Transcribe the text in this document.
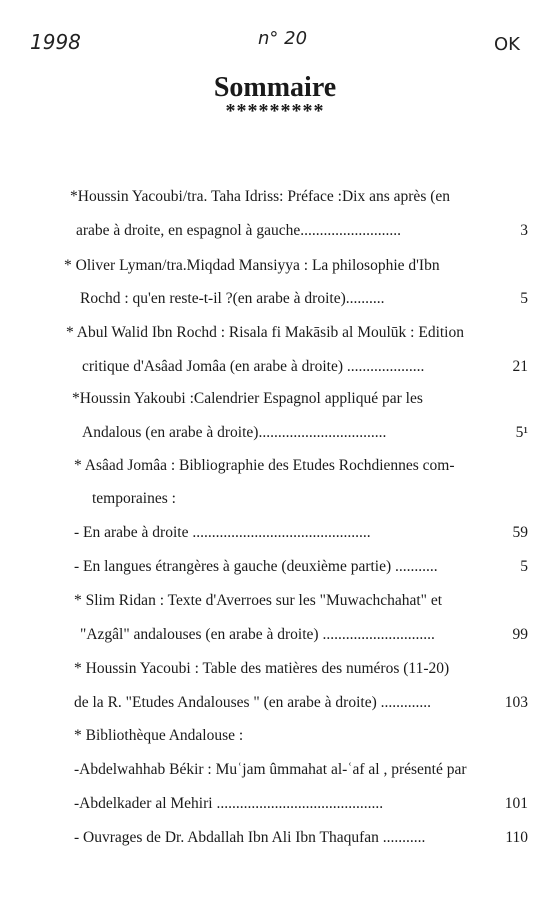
1998	n° 20	OK
Sommaire
*********
*Houssin Yacoubi/tra. Taha Idriss: Préface :Dix ans après (en
arabe à droite, en espagnol à gauche..........................	3
* Oliver Lyman/tra.Miqdad Mansiyya : La philosophie d'Ibn
Rochd : qu'en reste-t-il ?(en arabe à droite)..........	5
* Abul Walid Ibn Rochd : Risala fi Makāsib al Moulūk : Edition
critique d'Asâad Jomâa (en arabe à droite) ....................	21
*Houssin Yakoubi :Calendrier Espagnol appliqué par les
Andalous (en arabe à droite).................................	5¹
* Asâad Jomâa : Bibliographie des Etudes Rochdiennes com-
temporaines :
- En arabe à droite ..............................................	59
- En langues étrangères à gauche (deuxième partie) ...........	5
* Slim Ridan : Texte d'Averroes sur les "Muwachchahat" et
"Azgâl" andalouses (en arabe à droite) .............................	99
* Houssin Yacoubi : Table des matières des numéros (11-20)
de la R. "Etudes Andalouses " (en arabe à droite) .............	103
* Bibliothèque Andalouse :
-Abdelwahhab Békir : Muʿjam ûmmahat al-ʿaf al , présenté par
-Abdelkader al Mehiri ...........................................	101
- Ouvrages de Dr. Abdallah Ibn Ali Ibn Thaqufan ...........	110
